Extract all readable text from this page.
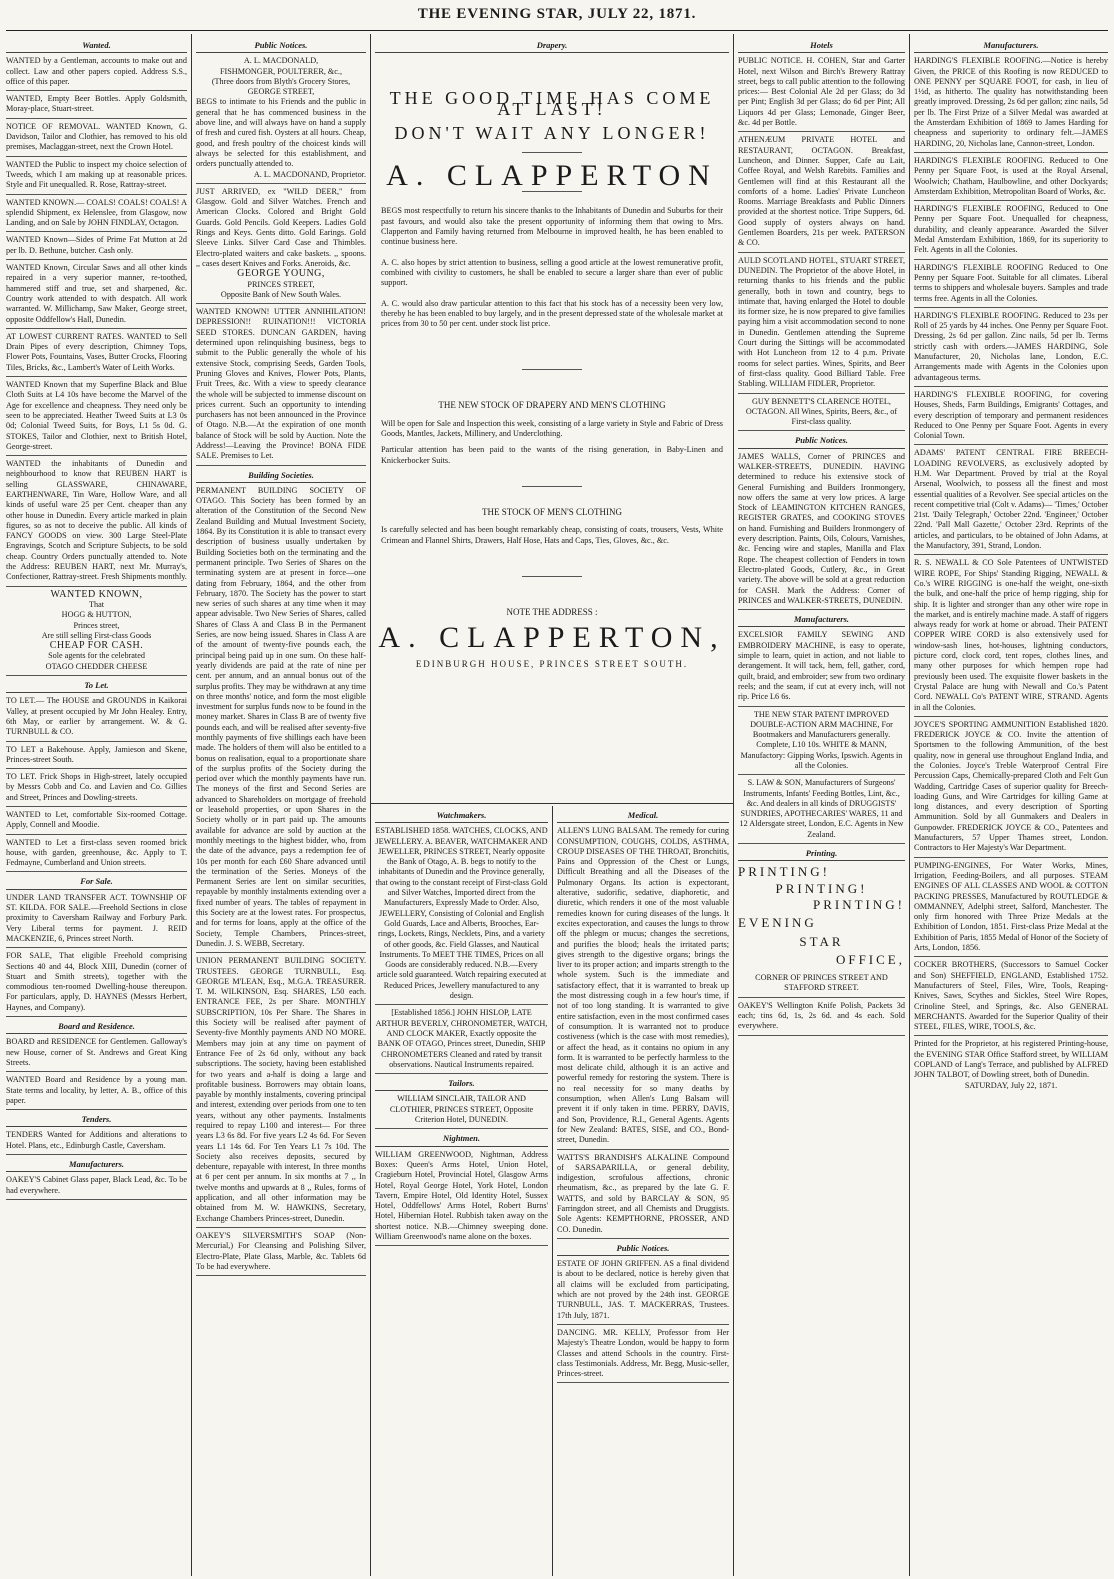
THE EVENING STAR, JULY 22, 1871.
Wanted.

WANTED by a Gentleman, accounts to make out and collect. Law and other papers copied. Address S.S., office of this paper.

WANTED, Empty Beer Bottles. Apply Goldsmith, Moray-place, Stuart-street.

NOTICE OF REMOVAL. WANTED Known, G. Davidson, Tailor and Clothier, has removed to his old premises, Maclaggan-street, next the Crown Hotel.

WANTED the Public to inspect my choice selection of Tweeds, which I am making up at reasonable prices. Style and Fit unequalled. R. Rose, Rattray-street.

WANTED KNOWN.— COALS! COALS! COALS! A splendid Shipment, ex Helenslee, from Glasgow, now Landing, and on Sale by JOHN FINDLAY, Octagon.

WANTED Known—Sides of Prime Fat Mutton at 2d per lb. D. Bethune, butcher. Cash only.

WANTED Known, Circular Saws and all other kinds repaired in a very superior manner, re-toothed, hammered stiff and true, set and sharpened, &c. Country work attended to with despatch. All work warranted. W. Millichamp, Saw Maker, George street, opposite Oddfellow's Hall, Dunedin.

AT LOWEST CURRENT RATES. WANTED to Sell Drain Pipes of every description, Chimney Tops, Flower Pots, Fountains, Vases, Butter Crocks, Flooring Tiles, Bricks, &c., Lambert's Water of Leith Works.

WANTED Known that my Superfine Black and Blue Cloth Suits at L4 10s have become the Marvel of the Age for excellence and cheapness. They need only be seen to be appreciated. Heather Tweed Suits at L3 0s 0d; Colonial Tweed Suits, for Boys, L1 5s 0d. G. STOKES, Tailor and Clothier, next to British Hotel, George-street.

WANTED the inhabitants of Dunedin and neighbourhood to know that REUBEN HART is selling GLASSWARE, CHINAWARE, EARTHENWARE, Tin Ware, Hollow Ware, and all kinds of useful ware 25 per Cent. cheaper than any other house in Dunedin. Every article marked in plain figures, so as not to deceive the public. All kinds of FANCY GOODS on view. 300 Large Steel-Plate Engravings, Scotch and Scripture Subjects, to be sold cheap. Country Orders punctually attended to. Note the Address: REUBEN HART, next Mr. Murray's, Confectioner, Rattray-street. Fresh Shipments monthly.

WANTED KNOWN,

That

HOGG & HUTTON,

Princes street,

Are still selling First-class Goods

CHEAP FOR CASH.

Sole agents for the celebrated

OTAGO CHEDDER CHEESE

To Let.

TO LET.— The HOUSE and GROUNDS in Kaikorai Valley, at present occupied by Mr John Healey. Entry, 6th May, or earlier by arrangement. W. & G. TURNBULL & CO.

TO LET a Bakehouse. Apply, Jamieson and Skene, Princes-street South.

TO LET. Frick Shops in High-street, lately occupied by Messrs Cobb and Co. and Lavien and Co. Gillies and Street, Princes and Dowling-streets.

WANTED to Let, comfortable Six-roomed Cottage. Apply, Connell and Moodie.

WANTED to Let a first-class seven roomed brick house, with garden, greenhouse, &c. Apply to T. Fedmayne, Cumberland and Union streets.

For Sale.

UNDER LAND TRANSFER ACT. TOWNSHIP OF ST. KILDA. FOR SALE.—Freehold Sections in close proximity to Caversham Railway and Forbury Park. Very Liberal terms for payment. J. REID MACKENZIE, 6, Princes street North.

FOR SALE, That eligible Freehold comprising Sections 40 and 44, Block XIII, Dunedin (corner of Stuart and Smith streets), together with the commodious ten-roomed Dwelling-house thereupon. For particulars, apply, D. HAYNES (Messrs Herbert, Haynes, and Company).

Board and Residence.

BOARD and RESIDENCE for Gentlemen. Galloway's new House, corner of St. Andrews and Great King Streets.

WANTED Board and Residence by a young man. State terms and locality, by letter, A. B., office of this paper.

Tenders.

TENDERS Wanted for Additions and alterations to Hotel. Plans, etc., Edinburgh Castle, Caversham.

Manufacturers.

OAKEY'S Cabinet Glass paper, Black Lead, &c. To be had everywhere.

Public Notices.

A. L. MACDONALD,

FISHMONGER, POULTERER, &c.,

(Three doors from Blyth's Grocery Stores,

GEORGE STREET,

BEGS to intimate to his Friends and the public in general that he has commenced business in the above line, and will always have on hand a supply of fresh and cured fish. Oysters at all hours. Cheap, good, and fresh poultry of the choicest kinds will always be selected for this establishment, and orders punctually attended to.

A. L. MACDONAND, Proprietor.

JUST ARRIVED, ex "WILD DEER," from Glasgow. Gold and Silver Watches. French and American Clocks. Colored and Bright Gold Guards. Gold Pencils. Gold Keepers. Ladies Gold Rings and Keys. Gents ditto. Gold Earings. Gold Sleeve Links. Silver Card Case and Thimbles. Electro-plated waiters and cake baskets. ,, spoons. ,, cases desert Knives and Forks. Aneroids, &c.

GEORGE YOUNG,

PRINCES STREET,

Opposite Bank of New South Wales.

WANTED KNOWN! UTTER ANNIHILATION! DEPRESSION!! RUINATION!!! VICTORIA SEED STORES. DUNCAN GARDEN, having determined upon relinquishing business, begs to submit to the Public generally the whole of his extensive Stock, comprising Seeds, Garden Tools, Pruning Gloves and Knives, Flower Pots, Plants, Fruit Trees, &c. With a view to speedy clearance the whole will be subjected to immense discount on prices current. Such an opportunity to intending purchasers has not been announced in the Province of Otago. N.B.—At the expiration of one month balance of Stock will be sold by Auction. Note the Address!—Leaving the Province! BONA FIDE SALE. Premises to Let.

Building Societies.

PERMANENT BUILDING SOCIETY OF OTAGO. This Society has been formed by an alteration of the Constitution of the Second New Zealand Building and Mutual Investment Society, 1864. By its Constitution it is able to transact every description of business usually undertaken by Building Societies both on the terminating and the permanent principle. Two Series of Shares on the terminating system are at present in force—one dating from February, 1864, and the other from February, 1870. The Society has the power to start new series of such shares at any time when it may appear advisable. Two New Series of Shares, called Shares of Class A and Class B in the Permanent Series, are now being issued. Shares in Class A are of the amount of twenty-five pounds each, the principal being paid up in one sum. On these half-yearly dividends are paid at the rate of nine per cent. per annum, and an annual bonus out of the surplus profits. They may be withdrawn at any time on three months' notice, and form the most eligible investment for surplus funds now to be found in the money market. Shares in Class B are of twenty five pounds each, and will be realised after seventy-five monthly payments of five shillings each have been made. The holders of them will also be entitled to a bonus on realisation, equal to a proportionate share of the surplus profits of the Society during the period over which the monthly payments have run. The moneys of the first and Second Series are advanced to Shareholders on mortgage of freehold or leasehold properties, or upon Shares in the Society wholly or in part paid up. The amounts available for advance are sold by auction at the monthly meetings to the highest bidder, who, from the date of the advance, pays a redemption fee of 10s per month for each £60 Share advanced until the termination of the Series. Moneys of the Permanent Series are lent on similar securities, repayable by monthly instalments extending over a fixed number of years. The tables of repayment in this Society are at the lowest rates. For prospectus, and for terms for loans, apply at the office of the Society, Temple Chambers, Princes-street, Dunedin. J. S. WEBB, Secretary.

UNION PERMANENT BUILDING SOCIETY. TRUSTEES. GEORGE TURNBULL, Esq. GEORGE M'LEAN, Esq., M.G.A. TREASURER. T. M. WILKINSON, Esq. SHARES, L50 each. ENTRANCE FEE, 2s per Share. MONTHLY SUBSCRIPTION, 10s Per Share. The Shares in this Society will be realised after payment of Seventy-five Monthly payments AND NO MORE. Members may join at any time on payment of Entrance Fee of 2s 6d only, without any back subscriptions. The society, having been established for two years and a-half is doing a large and profitable business. Borrowers may obtain loans, payable by monthly instalments, covering principal and interest, extending over periods from one to ten years, without any other payments. Instalments required to repay L100 and interest— For three years L3 6s 8d. For five years L2 4s 6d. For Seven years L1 14s 6d. For Ten Years L1 7s 10d. The Society also receives deposits, secured by debenture, repayable with interest, In three months at 6 per cent per annum. In six months at 7 ,, In twelve months and upwards at 8 ,, Rules, forms of application, and all other information may be obtained from M. W. HAWKINS, Secretary, Exchange Chambers Princes-street, Dunedin.

OAKEY'S SILVERSMITH'S SOAP (Non-Mercurial,) For Cleansing and Polishing Silver, Electro-Plate, Plate Glass, Marble, &c. Tablets 6d To be had everywhere.

Drapery.
THE GOOD TIME HAS COME AT LAST!
DON'T WAIT ANY LONGER!
A. CLAPPERTON

BEGS most respectfully to return his sincere thanks to the Inhabitants of Dunedin and Suburbs for their past favours, and would also take the present opportunity of informing them that owing to Mrs. Clapperton and Family having returned from Melbourne in improved health, he has been enabled to continue business here.

A. C. also hopes by strict attention to business, selling a good article at the lowest remunerative profit, combined with civility to customers, he shall be enabled to secure a larger share than ever of public support.

A. C. would also draw particular attention to this fact that his stock has of a necessity been very low, thereby he has been enabled to buy largely, and in the present depressed state of the wholesale market at prices from 30 to 50 per cent. under stock list price.

THE NEW STOCK OF DRAPERY AND MEN'S CLOTHING

Will be open for Sale and Inspection this week, consisting of a large variety in Style and Fabric of Dress Goods, Mantles, Jackets, Millinery, and Underclothing.

Particular attention has been paid to the wants of the rising generation, in Baby-Linen and Knickerbocker Suits.

THE STOCK OF MEN'S CLOTHING

Is carefully selected and has been bought remarkably cheap, consisting of coats, trousers, Vests, White Crimean and Flannel Shirts, Drawers, Half Hose, Hats and Caps, Ties, Gloves, &c., &c.

NOTE THE ADDRESS :
A. CLAPPERTON,
EDINBURGH HOUSE, PRINCES STREET SOUTH.
Watchmakers.

ESTABLISHED 1858. WATCHES, CLOCKS, AND JEWELLERY. A. BEAVER, WATCHMAKER AND JEWELLER, PRINCES STREET, Nearly opposite the Bank of Otago, A. B. begs to notify to the inhabitants of Dunedin and the Province generally, that owing to the constant receipt of First-class Gold and Silver Watches, Imported direct from the Manufacturers, Expressly Made to Order. Also, JEWELLERY, Consisting of Colonial and English Gold Guards, Lace and Alberts, Brooches, Ear-rings, Lockets, Rings, Necklets, Pins, and a variety of other goods, &c. Field Glasses, and Nautical Instruments. To MEET THE TIMES, Prices on all Goods are considerably reduced. N.B.—Every article sold guaranteed. Watch repairing executed at Reduced Prices, Jewellery manufactured to any design.

[Established 1856.] JOHN HISLOP, LATE ARTHUR BEVERLY, CHRONOMETER, WATCH, AND CLOCK MAKER, Exactly opposite the BANK OF OTAGO, Princes street, Dunedin, SHIP CHRONOMETERS Cleaned and rated by transit observations. Nautical Instruments repaired.

Tailors.

WILLIAM SINCLAIR, TAILOR AND CLOTHIER, PRINCES STREET, Opposite Criterion Hotel, DUNEDIN.

Nightmen.

WILLIAM GREENWOOD, Nightman, Address Boxes: Queen's Arms Hotel, Union Hotel, Cragieburn Hotel, Provincial Hotel, Glasgow Arms Hotel, Royal George Hotel, York Hotel, London Tavern, Empire Hotel, Old Identity Hotel, Sussex Hotel, Oddfellows' Arms Hotel, Robert Burns' Hotel, Hibernian Hotel. Rubbish taken away on the shortest notice. N.B.—Chimney sweeping done. William Greenwood's name alone on the boxes.

Medical.

ALLEN'S LUNG BALSAM. The remedy for curing CONSUMPTION, COUGHS, COLDS, ASTHMA, CROUP DISEASES OF THE THROAT, Bronchitis, Pains and Oppression of the Chest or Lungs, Difficult Breathing and all the Diseases of the Pulmonary Organs. Its action is expectorant, alterative, sudorific, sedative, diaphoretic, and diuretic, which renders it one of the most valuable remedies known for curing diseases of the lungs. It excites expectoration, and causes the lungs to throw off the phlegm or mucus; changes the secretions, and purifies the blood; heals the irritated parts; gives strength to the digestive organs; brings the liver to its proper action; and imparts strength to the whole system. Such is the immediate and satisfactory effect, that it is warranted to break up the most distressing cough in a few hour's time, if not of too long standing. It is warranted to give entire satisfaction, even in the most confirmed cases of consumption. It is warranted not to produce costiveness (which is the case with most remedies), or affect the head, as it contains no opium in any form. It is warranted to be perfectly harmless to the most delicate child, although it is an active and powerful remedy for restoring the system. There is no real necessity for so many deaths by consumption, when Allen's Lung Balsam will prevent it if only taken in time. PERRY, DAVIS, and Son, Providence, R.I., General Agents. Agents for New Zealand: BATES, SISE, and CO., Bond-street, Dunedin.

WATTS'S BRANDISH'S ALKALINE Compound of SARSAPARILLA, or general debility, indigestion, scrofulous affections, chronic rheumatism, &c., as prepared by the late G. F. WATTS, and sold by BARCLAY & SON, 95 Farringdon street, and all Chemists and Druggists. Sole Agents: KEMPTHORNE, PROSSER, AND CO. Dunedin.

Public Notices.

ESTATE OF JOHN GRIFFEN. AS a final dividend is about to be declared, notice is hereby given that all claims will be excluded from participating, which are not proved by the 24th inst. GEORGE TURNBULL, JAS. T. MACKERRAS, Trustees. 17th July, 1871.

DANCING. MR. KELLY, Professor from Her Majesty's Theatre London, would be happy to form Classes and attend Schools in the country. First-class Testimonials. Address, Mr. Begg, Music-seller, Princes-street.

Hotels

PUBLIC NOTICE. H. COHEN, Star and Garter Hotel, next Wilson and Birch's Brewery Rattray street, begs to call public attention to the following prices:— Best Colonial Ale 2d per Glass; do 3d per Pint; English 3d per Glass; do 6d per Pint; All Liquors 4d per Glass; Lemonade, Ginger Beer, &c. 4d per Bottle.

ATHENÆUM PRIVATE HOTEL and RESTAURANT, OCTAGON. Breakfast, Luncheon, and Dinner. Supper, Cafe au Lait, Coffee Royal, and Welsh Rarebits. Families and Gentlemen will find at this Restaurant all the comforts of a home. Ladies' Private Luncheon Rooms. Marriage Breakfasts and Public Dinners provided at the shortest notice. Tripe Suppers, 6d. Good supply of oysters always on hand. Gentlemen Boarders, 21s per week. PATERSON & CO.

AULD SCOTLAND HOTEL, STUART STREET, DUNEDIN. The Proprietor of the above Hotel, in returning thanks to his friends and the public generally, both in town and country, begs to intimate that, having enlarged the Hotel to double its former size, he is now prepared to give families paying him a visit accommodation second to none in Dunedin. Gentlemen attending the Supreme Court during the Sittings will be accommodated with Hot Luncheon from 12 to 4 p.m. Private rooms for select parties. Wines, Spirits, and Beer of first-class quality. Good Billiard Table. Free Stabling. WILLIAM FIDLER, Proprietor.

GUY BENNETT'S CLARENCE HOTEL, OCTAGON. All Wines, Spirits, Beers, &c., of First-class quality.

Public Notices.

JAMES WALLS, Corner of PRINCES and WALKER-STREETS, DUNEDIN. HAVING determined to reduce his extensive stock of General Furnishing and Builders Ironmongery, now offers the same at very low prices. A large Stock of LEAMINGTON KITCHEN RANGES, REGISTER GRATES, and COOKING STOVES on hand. Furnishing and Builders Ironmongery of every description. Paints, Oils, Colours, Varnishes, &c. Fencing wire and staples, Manilla and Flax Rope. The cheapest collection of Fenders in town Electro-plated Goods, Cutlery, &c., in Great variety. The above will be sold at a great reduction for CASH. Mark the Address: Corner of PRINCES and WALKER-STREETS, DUNEDIN.

Manufacturers.

EXCELSIOR FAMILY SEWING AND EMBROIDERY MACHINE, is easy to operate, simple to learn, quiet in action, and not liable to derangement. It will tack, hem, fell, gather, cord, quilt, braid, and embroider; sew from two ordinary reels; and the seam, if cut at every inch, will not rip. Price L6 6s.

THE NEW STAR PATENT IMPROVED DOUBLE-ACTION ARM MACHINE, For Bootmakers and Manufacturers generally. Complete, L10 10s. WHITE & MANN, Manufactory: Gipping Works, Ipswich. Agents in all the Colonies.

S. LAW & SON, Manufacturers of Surgeons' Instruments, Infants' Feeding Bottles, Lint, &c., &c. And dealers in all kinds of DRUGGISTS' SUNDRIES, APOTHECARIES' WARES, 11 and 12 Aldersgate street, London, E.C. Agents in New Zealand.

Printing.

PRINTING!

PRINTING!

PRINTING!

EVENING

STAR

OFFICE,

CORNER OF PRINCES STREET AND

STAFFORD STREET.

OAKEY'S Wellington Knife Polish, Packets 3d each; tins 6d, 1s, 2s 6d. and 4s each. Sold everywhere.

Manufacturers.

HARDING'S FLEXIBLE ROOFING.—Notice is hereby Given, the PRICE of this Roofing is now REDUCED to ONE PENNY per SQUARE FOOT, for cash, in lieu of 1½d, as hitherto. The quality has notwithstanding been greatly improved. Dressing, 2s 6d per gallon; zinc nails, 5d per lb. The First Prize of a Silver Medal was awarded at the Amsterdam Exhibition of 1869 to James Harding for cheapness and superiority to ordinary felt.—JAMES HARDING, 20, Nicholas lane, Cannon-street, London.

HARDING'S FLEXIBLE ROOFING. Reduced to One Penny per Square Foot, is used at the Royal Arsenal, Woolwich; Chatham, Haulbowline, and other Dockyards; Amsterdam Exhibition, Metropolitan Board of Works, &c.

HARDING'S FLEXIBLE ROOFING, Reduced to One Penny per Square Foot. Unequalled for cheapness, durability, and cleanly appearance. Awarded the Silver Medal Amsterdam Exhibition, 1869, for its superiority to Felt. Agents in all the Colonies.

HARDING'S FLEXIBLE ROOFING Reduced to One Penny per Square Foot. Suitable for all climates. Liberal terms to shippers and wholesale buyers. Samples and trade terms free. Agents in all the Colonies.

HARDING'S FLEXIBLE ROOFING. Reduced to 23s per Roll of 25 yards by 44 inches. One Penny per Square Foot. Dressing, 2s 6d per gallon. Zinc nails, 5d per lb. Terms strictly cash with orders.—JAMES HARDING, Sole Manufacturer, 20, Nicholas lane, London, E.C. Arrangements made with Agents in the Colonies upon advantageous terms.

HARDING'S FLEXIBLE ROOFING, for covering Houses, Sheds, Farm Buildings, Emigrants' Cottages, and every description of temporary and permanent residences Reduced to One Penny per Square Foot. Agents in every Colonial Town.

ADAMS' PATENT CENTRAL FIRE BREECH-LOADING REVOLVERS, as exclusively adopted by H.M. War Department. Proved by trial at the Royal Arsenal, Woolwich, to possess all the finest and most essential qualities of a Revolver. See special articles on the recent competitive trial (Colt v. Adams)— 'Times,' October 21st. 'Daily Telegraph,' October 22nd. 'Engineer,' October 22nd. 'Pall Mall Gazette,' October 23rd. Reprints of the articles, and particulars, to be obtained of John Adams, at the Manufactory, 391, Strand, London.

R. S. NEWALL & CO Sole Patentees of UNTWISTED WIRE ROPE, For Ships' Standing Rigging, NEWALL & Co.'s WIRE RIGGING is one-half the weight, one-sixth the bulk, and one-half the price of hemp rigging, ship for ship. It is lighter and stronger than any other wire rope in the market, and is entirely machine made. A staff of riggers always ready for work at home or abroad. Their PATENT COPPER WIRE CORD is also extensively used for window-sash lines, hot-houses, lightning conductors, picture cord, clock cord, tent ropes, clothes lines, and many other purposes for which hempen rope had previously been used. The exquisite flower baskets in the Crystal Palace are hung with Newall and Co.'s Patent Cord. NEWALL Co's PATENT WIRE, STRAND. Agents in all the Colonies.

JOYCE'S SPORTING AMMUNITION Established 1820. FREDERICK JOYCE & CO. Invite the attention of Sportsmen to the following Ammunition, of the best quality, now in general use throughout England India, and the Colonies. Joyce's Treble Waterproof Central Fire Percussion Caps, Chemically-prepared Cloth and Felt Gun Wadding, Cartridge Cases of superior quality for Breech-loading Guns, and Wire Cartridges for killing Game at long distances, and every description of Sporting Ammunition. Sold by all Gunmakers and Dealers in Gunpowder. FREDERICK JOYCE & CO., Patentees and Manufacturers, 57 Upper Thames street, London. Contractors to Her Majesty's War Department.

PUMPING-ENGINES, For Water Works, Mines, Irrigation, Feeding-Boilers, and all purposes. STEAM ENGINES OF ALL CLASSES AND WOOL & COTTON PACKING PRESSES, Manufactured by ROUTLEDGE & OMMANNEY, Adelphi street, Salford, Manchester. The only firm honored with Three Prize Medals at the Exhibition of London, 1851. First-class Prize Medal at the Exhibition of Paris, 1855 Medal of Honor of the Society of Arts, London, 1856.

COCKER BROTHERS, (Successors to Samuel Cocker and Son) SHEFFIELD, ENGLAND, Established 1752. Manufacturers of Steel, Files, Wire, Tools, Reaping-Knives, Saws, Scythes and Sickles, Steel Wire Ropes, Crinoline Steel, and Springs, &c. Also GENERAL MERCHANTS. Awarded for the Superior Quality of their STEEL, FILES, WIRE, TOOLS, &c.

Printed for the Proprietor, at his registered Printing-house, the EVENING STAR Office Stafford street, by WILLIAM COPLAND of Lang's Terrace, and published by ALFRED JOHN TALBOT, of Dowling street, both of Dunedin.

SATURDAY, July 22, 1871.
